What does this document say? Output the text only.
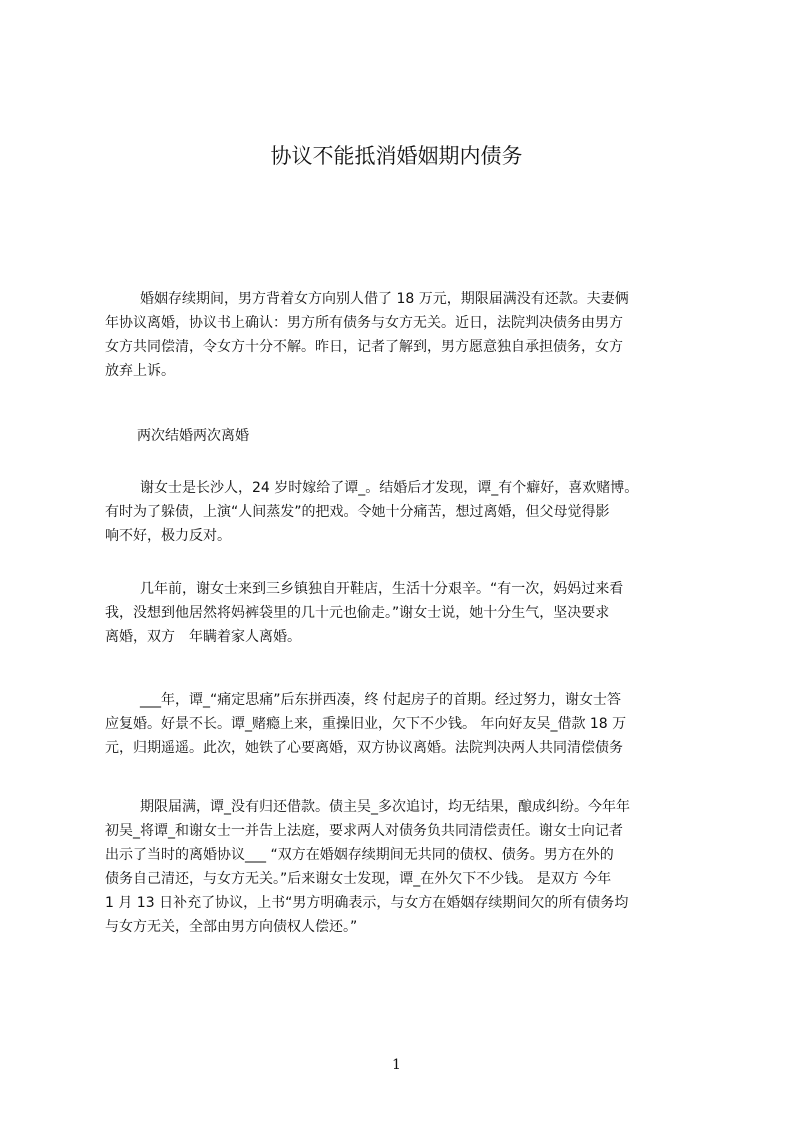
协议不能抵消婚姻期内债务
婚姻存续期间，男方背着女方向别人借了 18 万元，期限届满没有还款。夫妻俩
年协议离婚，协议书上确认：男方所有债务与女方无关。近日，法院判决债务由男方
女方共同偿清，令女方十分不解。昨日，记者了解到，男方愿意独自承担债务，女方
放弃上诉。

两次结婚两次离婚

谢女士是长沙人，24 岁时嫁给了谭_。结婚后才发现，谭_有个癖好，喜欢赌博。
有时为了躲债，上演“人间蒸发”的把戏。令她十分痛苦，想过离婚，但父母觉得影
响不好，极力反对。
几年前，谢女士来到三乡镇独自开鞋店，生活十分艰辛。“有一次，妈妈过来看
我，没想到他居然将妈裤袋里的几十元也偷走。”谢女士说，她十分生气，坚决要求
离婚，双方　年瞒着家人离婚。
___年，谭_“痛定思痛”后东拼西凑，终 付起房子的首期。经过努力，谢女士答
应复婚。好景不长。谭_赌瘾上来，重操旧业，欠下不少钱。 年向好友吴_借款 18 万
元，归期遥遥。此次，她铁了心要离婚，双方协议离婚。法院判决两人共同清偿债务
期限届满，谭_没有归还借款。债主吴_多次追讨，均无结果，酿成纠纷。今年年
初吴_将谭_和谢女士一并告上法庭，要求两人对债务负共同清偿责任。谢女士向记者
出示了当时的离婚协议___ “双方在婚姻存续期间无共同的债权、债务。男方在外的
债务自己清还，与女方无关。”后来谢女士发现，谭_在外欠下不少钱。 是双方 今年
1 月 13 日补充了协议，上书“男方明确表示，与女方在婚姻存续期间欠的所有债务均
与女方无关，全部由男方向债权人偿还。”
1
